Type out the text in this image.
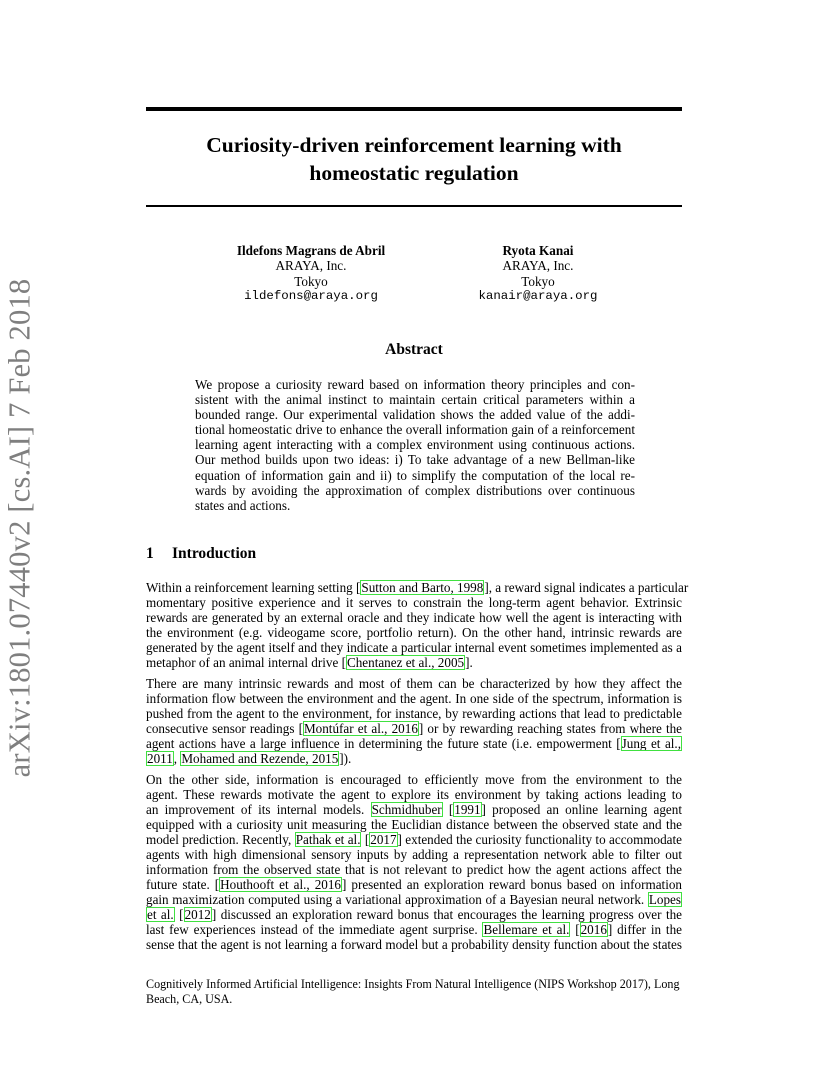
arXiv:1801.07440v2 [cs.AI] 7 Feb 2018
Curiosity-driven reinforcement learning with
homeostatic regulation
Ildefons Magrans de Abril
ARAYA, Inc.
Tokyo
ildefons@araya.org
Ryota Kanai
ARAYA, Inc.
Tokyo
kanair@araya.org
Abstract
We propose a curiosity reward based on information theory principles and con-
sistent with the animal instinct to maintain certain critical parameters within a
bounded range. Our experimental validation shows the added value of the addi-
tional homeostatic drive to enhance the overall information gain of a reinforcement
learning agent interacting with a complex environment using continuous actions.
Our method builds upon two ideas: i) To take advantage of a new Bellman-like
equation of information gain and ii) to simplify the computation of the local re-
wards by avoiding the approximation of complex distributions over continuous
states and actions.
1 Introduction
Within a reinforcement learning setting [Sutton and Barto, 1998], a reward signal indicates a particular
momentary positive experience and it serves to constrain the long-term agent behavior. Extrinsic
rewards are generated by an external oracle and they indicate how well the agent is interacting with
the environment (e.g. videogame score, portfolio return). On the other hand, intrinsic rewards are
generated by the agent itself and they indicate a particular internal event sometimes implemented as a
metaphor of an animal internal drive [Chentanez et al., 2005].
There are many intrinsic rewards and most of them can be characterized by how they affect the
information flow between the environment and the agent. In one side of the spectrum, information is
pushed from the agent to the environment, for instance, by rewarding actions that lead to predictable
consecutive sensor readings [Montúfar et al., 2016] or by rewarding reaching states from where the
agent actions have a large influence in determining the future state (i.e. empowerment [Jung et al.,
2011, Mohamed and Rezende, 2015]).
On the other side, information is encouraged to efficiently move from the environment to the
agent. These rewards motivate the agent to explore its environment by taking actions leading to
an improvement of its internal models. Schmidhuber [1991] proposed an online learning agent
equipped with a curiosity unit measuring the Euclidian distance between the observed state and the
model prediction. Recently, Pathak et al. [2017] extended the curiosity functionality to accommodate
agents with high dimensional sensory inputs by adding a representation network able to filter out
information from the observed state that is not relevant to predict how the agent actions affect the
future state. [Houthooft et al., 2016] presented an exploration reward bonus based on information
gain maximization computed using a variational approximation of a Bayesian neural network. Lopes
et al. [2012] discussed an exploration reward bonus that encourages the learning progress over the
last few experiences instead of the immediate agent surprise. Bellemare et al. [2016] differ in the
sense that the agent is not learning a forward model but a probability density function about the states
Cognitively Informed Artificial Intelligence: Insights From Natural Intelligence (NIPS Workshop 2017), Long Beach, CA, USA.
